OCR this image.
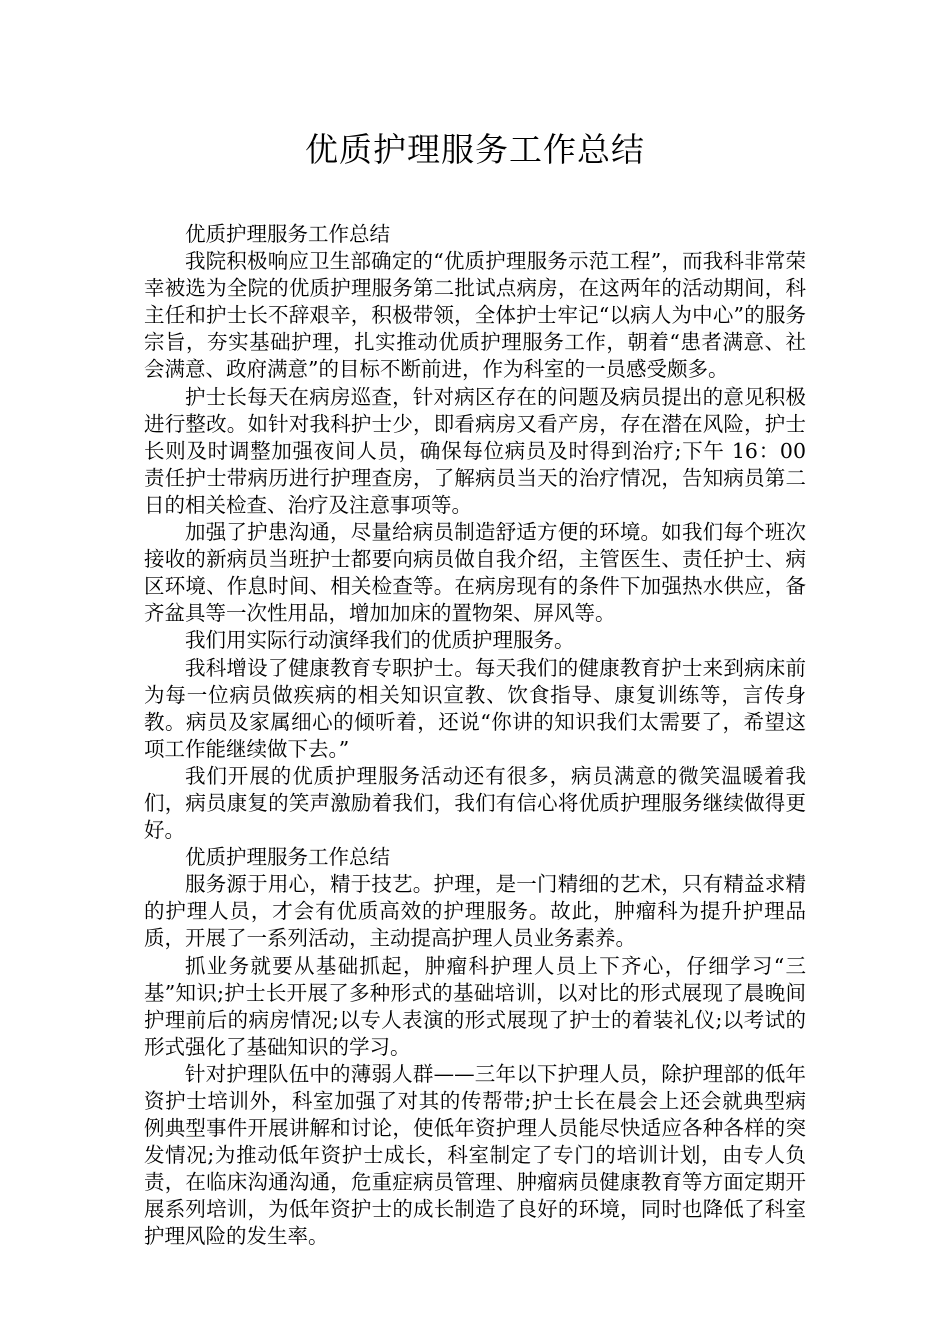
优质护理服务工作总结

优质护理服务工作总结

我院积极响应卫生部确定的“优质护理服务示范工程”，而我科非常荣幸被选为全院的优质护理服务第二批试点病房，在这两年的活动期间，科主任和护士长不辞艰辛，积极带领，全体护士牢记“以病人为中心”的服务宗旨，夯实基础护理，扎实推动优质护理服务工作，朝着“患者满意、社会满意、政府满意”的目标不断前进，作为科室的一员感受颇多。

护士长每天在病房巡查，针对病区存在的问题及病员提出的意见积极进行整改。如针对我科护士少，即看病房又看产房，存在潜在风险，护士长则及时调整加强夜间人员，确保每位病员及时得到治疗;下午 16：00 责任护士带病历进行护理查房，了解病员当天的治疗情况，告知病员第二日的相关检查、治疗及注意事项等。

加强了护患沟通，尽量给病员制造舒适方便的环境。如我们每个班次接收的新病员当班护士都要向病员做自我介绍，主管医生、责任护士、病区环境、作息时间、相关检查等。在病房现有的条件下加强热水供应，备齐盆具等一次性用品，增加加床的置物架、屏风等。

我们用实际行动演绎我们的优质护理服务。

我科增设了健康教育专职护士。每天我们的健康教育护士来到病床前为每一位病员做疾病的相关知识宣教、饮食指导、康复训练等，言传身教。病员及家属细心的倾听着，还说“你讲的知识我们太需要了，希望这项工作能继续做下去。”

我们开展的优质护理服务活动还有很多，病员满意的微笑温暖着我们，病员康复的笑声激励着我们，我们有信心将优质护理服务继续做得更好。

优质护理服务工作总结

服务源于用心，精于技艺。护理，是一门精细的艺术，只有精益求精的护理人员，才会有优质高效的护理服务。故此，肿瘤科为提升护理品质，开展了一系列活动，主动提高护理人员业务素养。

抓业务就要从基础抓起，肿瘤科护理人员上下齐心，仔细学习“三基”知识;护士长开展了多种形式的基础培训，以对比的形式展现了晨晚间护理前后的病房情况;以专人表演的形式展现了护士的着装礼仪;以考试的形式强化了基础知识的学习。

针对护理队伍中的薄弱人群——三年以下护理人员，除护理部的低年资护士培训外，科室加强了对其的传帮带;护士长在晨会上还会就典型病例典型事件开展讲解和讨论，使低年资护理人员能尽快适应各种各样的突发情况;为推动低年资护士成长，科室制定了专门的培训计划，由专人负责，在临床沟通沟通，危重症病员管理、肿瘤病员健康教育等方面定期开展系列培训，为低年资护士的成长制造了良好的环境，同时也降低了科室护理风险的发生率。
